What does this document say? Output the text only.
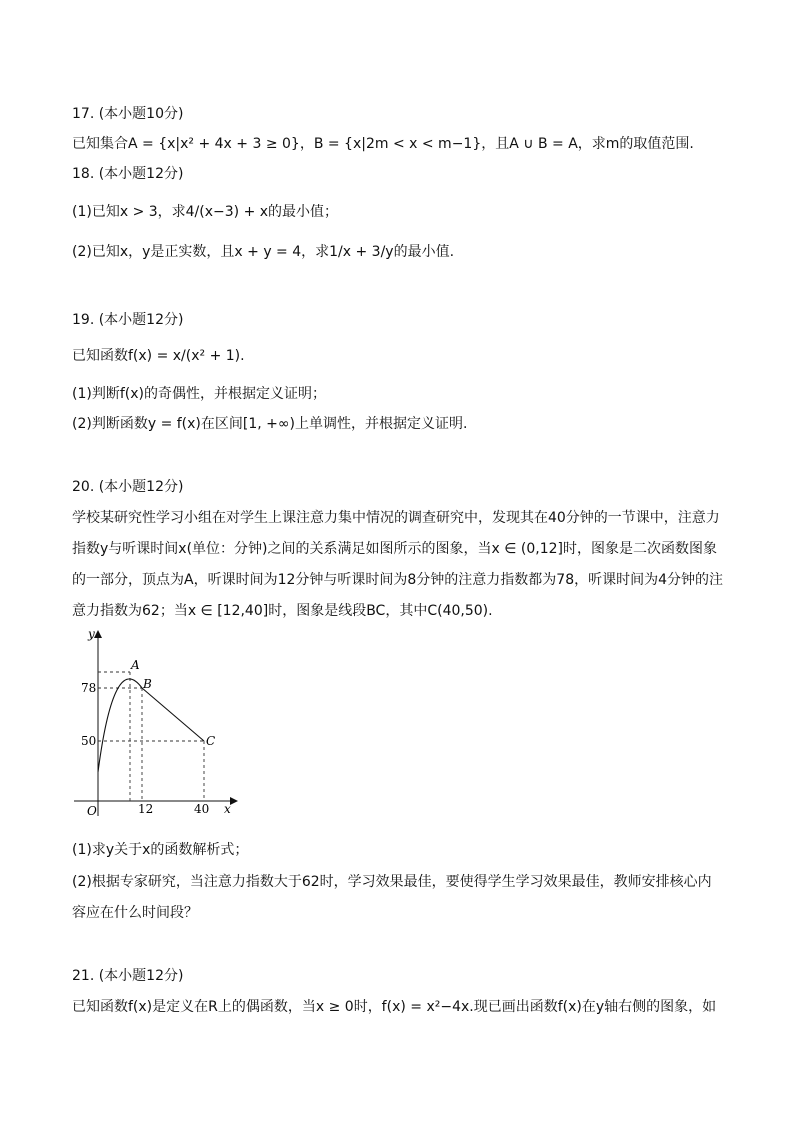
17. (本小题10分)
已知集合A = {x|x² + 4x + 3 ≥ 0}，B = {x|2m < x < m−1}，且A ∪ B = A，求m的取值范围.
18. (本小题12分)
(1)已知x > 3，求4/(x−3) + x的最小值；
(2)已知x，y是正实数，且x + y = 4，求1/x + 3/y的最小值.
19. (本小题12分)
已知函数f(x) = x/(x² + 1).
(1)判断f(x)的奇偶性，并根据定义证明；
(2)判断函数y = f(x)在区间[1, +∞)上单调性，并根据定义证明.
20. (本小题12分)
学校某研究性学习小组在对学生上课注意力集中情况的调查研究中，发现其在40分钟的一节课中，注意力
指数y与听课时间x(单位：分钟)之间的关系满足如图所示的图象，当x ∈ (0,12]时，图象是二次函数图象
的一部分，顶点为A，听课时间为12分钟与听课时间为8分钟的注意力指数都为78，听课时间为4分钟的注
意力指数为62；当x ∈ [12,40]时，图象是线段BC，其中C(40,50).
y
x
O
A
B
C
78
50
12	40
(1)求y关于x的函数解析式；
(2)根据专家研究，当注意力指数大于62时，学习效果最佳，要使得学生学习效果最佳，教师安排核心内
容应在什么时间段？
21. (本小题12分)
已知函数f(x)是定义在R上的偶函数，当x ≥ 0时，f(x) = x²−4x.现已画出函数f(x)在y轴右侧的图象，如
